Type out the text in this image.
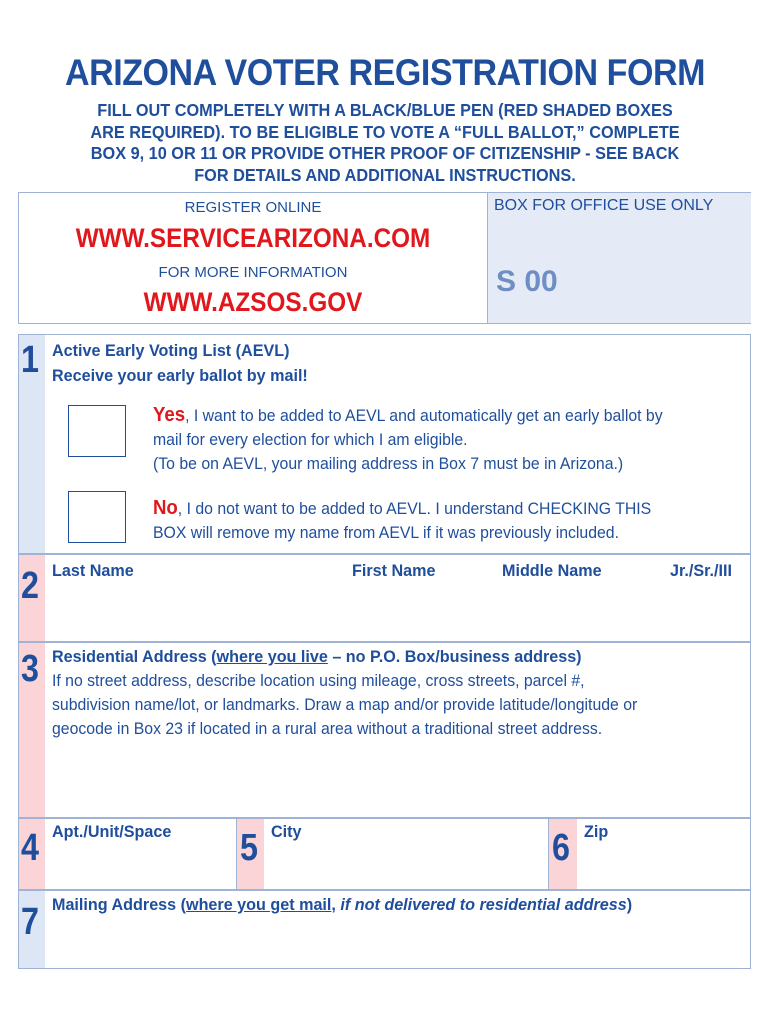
ARIZONA VOTER REGISTRATION FORM
FILL OUT COMPLETELY WITH A BLACK/BLUE PEN (RED SHADED BOXES
ARE REQUIRED). TO BE ELIGIBLE TO VOTE A “FULL BALLOT,” COMPLETE
BOX 9, 10 OR 11 OR PROVIDE OTHER PROOF OF CITIZENSHIP - SEE BACK
FOR DETAILS AND ADDITIONAL INSTRUCTIONS.
REGISTER ONLINE
WWW.SERVICEARIZONA.COM
FOR MORE INFORMATION
WWW.AZSOS.GOV
BOX FOR OFFICE USE ONLY
S 00
1 Active Early Voting List (AEVL)
Receive your early ballot by mail!
Yes, I want to be added to AEVL and automatically get an early ballot by
mail for every election for which I am eligible.
(To be on AEVL, your mailing address in Box 7 must be in Arizona.)
No, I do not want to be added to AEVL. I understand CHECKING THIS
BOX will remove my name from AEVL if it was previously included.
2 Last Name	First Name	Middle Name	Jr./Sr./III
3 Residential Address (where you live – no P.O. Box/business address)
If no street address, describe location using mileage, cross streets, parcel #,
subdivision name/lot, or landmarks. Draw a map and/or provide latitude/longitude or
geocode in Box 23 if located in a rural area without a traditional street address.
4 Apt./Unit/Space 5 City	6 Zip
7 Mailing Address (where you get mail, if not delivered to residential address)
